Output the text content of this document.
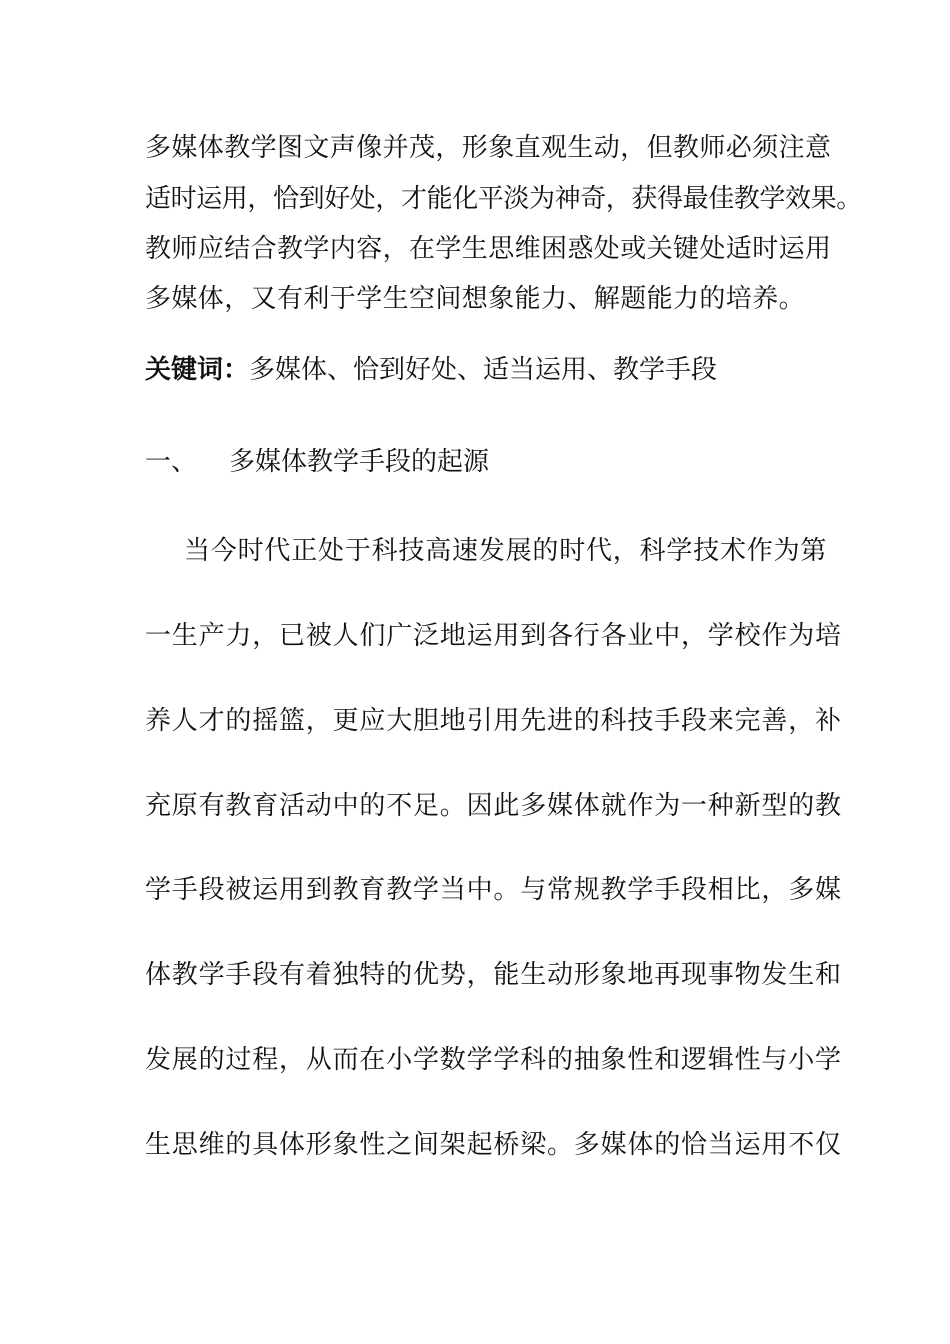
多媒体教学图文声像并茂，形象直观生动，但教师必须注意
适时运用，恰到好处，才能化平淡为神奇，获得最佳教学效果。
教师应结合教学内容，在学生思维困惑处或关键处适时运用
多媒体，又有利于学生空间想象能力、解题能力的培养。
关键词：多媒体、恰到好处、适当运用、教学手段
一、 多媒体教学手段的起源
当今时代正处于科技高速发展的时代，科学技术作为第
一生产力，已被人们广泛地运用到各行各业中，学校作为培
养人才的摇篮，更应大胆地引用先进的科技手段来完善，补
充原有教育活动中的不足。因此多媒体就作为一种新型的教
学手段被运用到教育教学当中。与常规教学手段相比，多媒
体教学手段有着独特的优势，能生动形象地再现事物发生和
发展的过程，从而在小学数学学科的抽象性和逻辑性与小学
生思维的具体形象性之间架起桥梁。多媒体的恰当运用不仅
